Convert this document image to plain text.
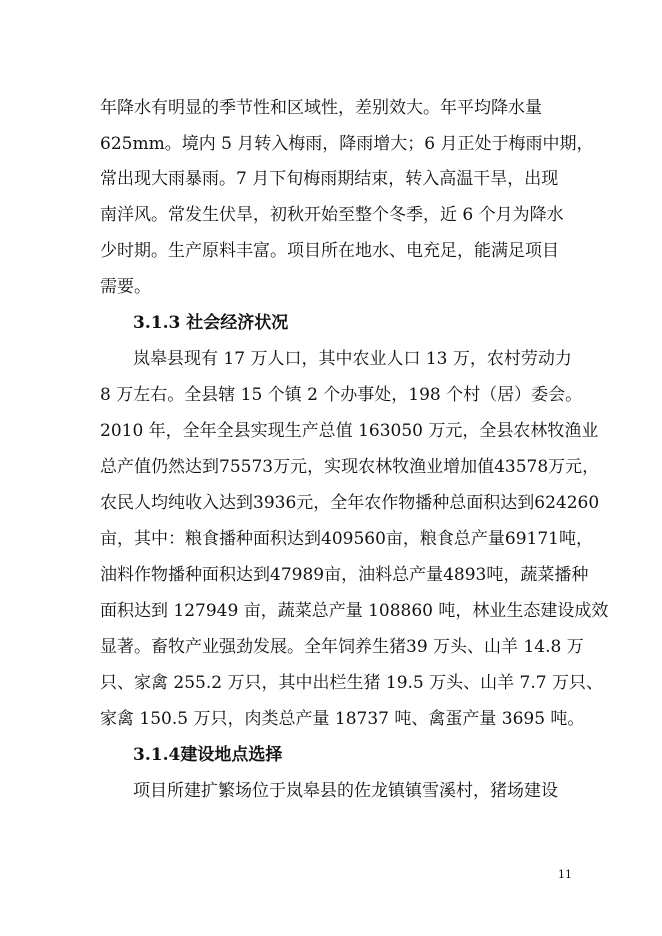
年降水有明显的季节性和区域性，差别效大。年平均降水量
625mm。境内 5 月转入梅雨，降雨增大；6 月正处于梅雨中期，
常出现大雨暴雨。7 月下旬梅雨期结束，转入高温干旱，出现
南洋风。常发生伏旱，初秋开始至整个冬季，近 6 个月为降水
少时期。生产原料丰富。项目所在地水、电充足，能满足项目
需要。
3.1.3 社会经济状况
岚皋县现有 17 万人口，其中农业人口 13 万，农村劳动力
8 万左右。全县辖 15 个镇 2 个办事处，198 个村（居）委会。
2010 年，全年全县实现生产总值 163050 万元，全县农林牧渔业
总产值仍然达到75573万元，实现农林牧渔业增加值43578万元，
农民人均纯收入达到3936元，全年农作物播种总面积达到624260
亩，其中：粮食播种面积达到409560亩，粮食总产量69171吨，
油料作物播种面积达到47989亩，油料总产量4893吨，蔬菜播种
面积达到 127949 亩，蔬菜总产量 108860 吨，林业生态建设成效
显著。畜牧产业强劲发展。全年饲养生猪39 万头、山羊 14.8 万
只、家禽 255.2 万只，其中出栏生猪 19.5 万头、山羊 7.7 万只、
家禽 150.5 万只，肉类总产量 18737 吨、禽蛋产量 3695 吨。
3.1.4建设地点选择
项目所建扩繁场位于岚皋县的佐龙镇镇雪溪村，猪场建设
11
